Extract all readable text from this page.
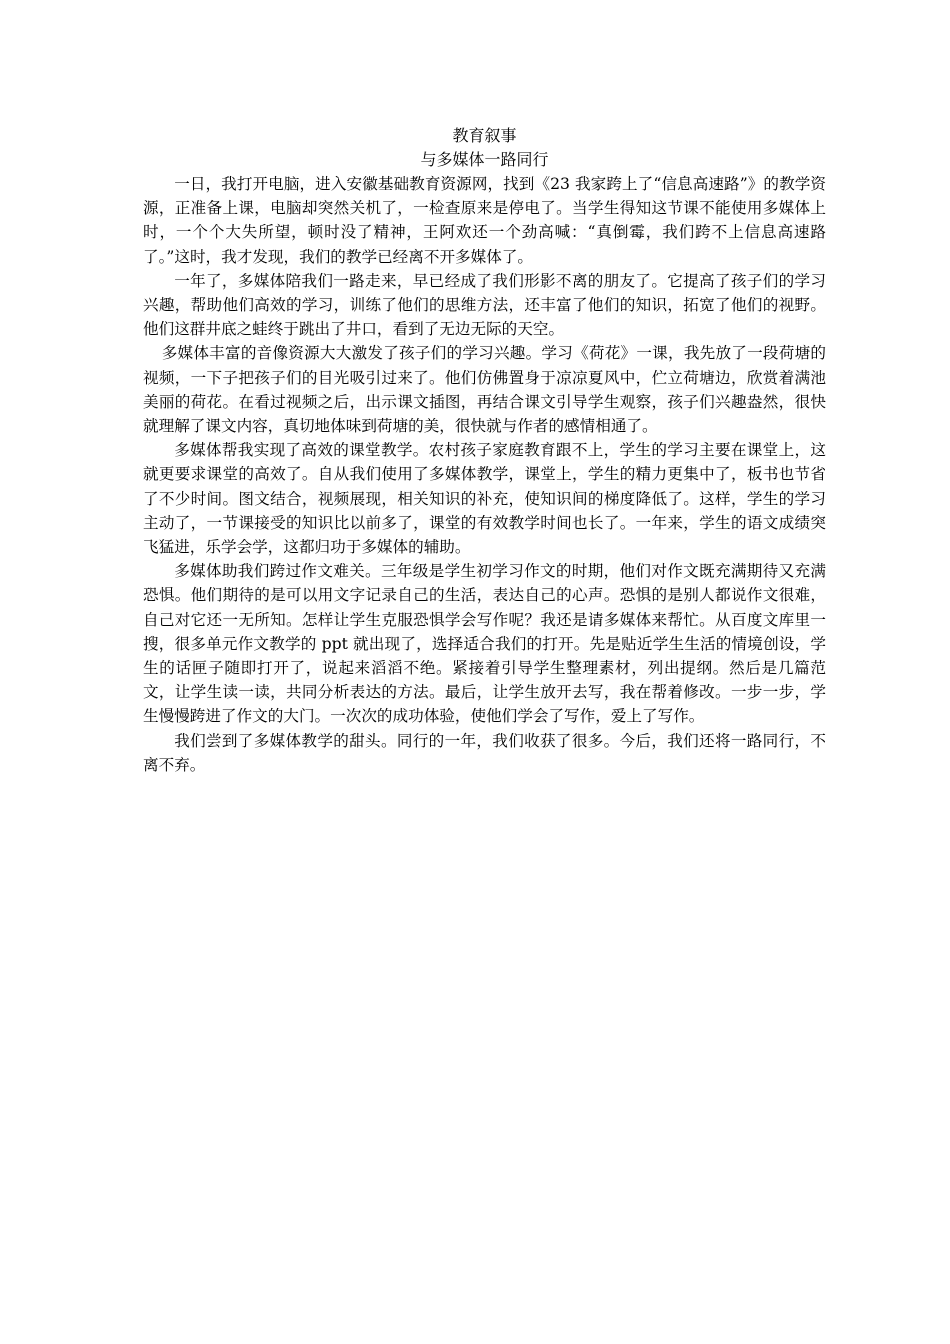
教育叙事

与多媒体一路同行

一日，我打开电脑，进入安徽基础教育资源网，找到《23 我家跨上了“信息高速路”》的教学资源，正准备上课，电脑却突然关机了，一检查原来是停电了。当学生得知这节课不能使用多媒体上时，一个个大失所望，顿时没了精神，王阿欢还一个劲高喊：“真倒霉，我们跨不上信息高速路了。”这时，我才发现，我们的教学已经离不开多媒体了。

一年了，多媒体陪我们一路走来，早已经成了我们形影不离的朋友了。它提高了孩子们的学习兴趣，帮助他们高效的学习，训练了他们的思维方法，还丰富了他们的知识，拓宽了他们的视野。他们这群井底之蛙终于跳出了井口，看到了无边无际的天空。

多媒体丰富的音像资源大大激发了孩子们的学习兴趣。学习《荷花》一课，我先放了一段荷塘的视频，一下子把孩子们的目光吸引过来了。他们仿佛置身于凉凉夏风中，伫立荷塘边，欣赏着满池美丽的荷花。在看过视频之后，出示课文插图，再结合课文引导学生观察，孩子们兴趣盎然，很快就理解了课文内容，真切地体味到荷塘的美，很快就与作者的感情相通了。

多媒体帮我实现了高效的课堂教学。农村孩子家庭教育跟不上，学生的学习主要在课堂上，这就更要求课堂的高效了。自从我们使用了多媒体教学，课堂上，学生的精力更集中了，板书也节省了不少时间。图文结合，视频展现，相关知识的补充，使知识间的梯度降低了。这样，学生的学习主动了，一节课接受的知识比以前多了，课堂的有效教学时间也长了。一年来，学生的语文成绩突飞猛进，乐学会学，这都归功于多媒体的辅助。

多媒体助我们跨过作文难关。三年级是学生初学习作文的时期，他们对作文既充满期待又充满恐惧。他们期待的是可以用文字记录自己的生活，表达自己的心声。恐惧的是别人都说作文很难，自己对它还一无所知。怎样让学生克服恐惧学会写作呢？我还是请多媒体来帮忙。从百度文库里一搜，很多单元作文教学的 ppt 就出现了，选择适合我们的打开。先是贴近学生生活的情境创设，学生的话匣子随即打开了，说起来滔滔不绝。紧接着引导学生整理素材，列出提纲。然后是几篇范文，让学生读一读，共同分析表达的方法。最后，让学生放开去写，我在帮着修改。一步一步，学生慢慢跨进了作文的大门。一次次的成功体验，使他们学会了写作，爱上了写作。

我们尝到了多媒体教学的甜头。同行的一年，我们收获了很多。今后，我们还将一路同行，不离不弃。
